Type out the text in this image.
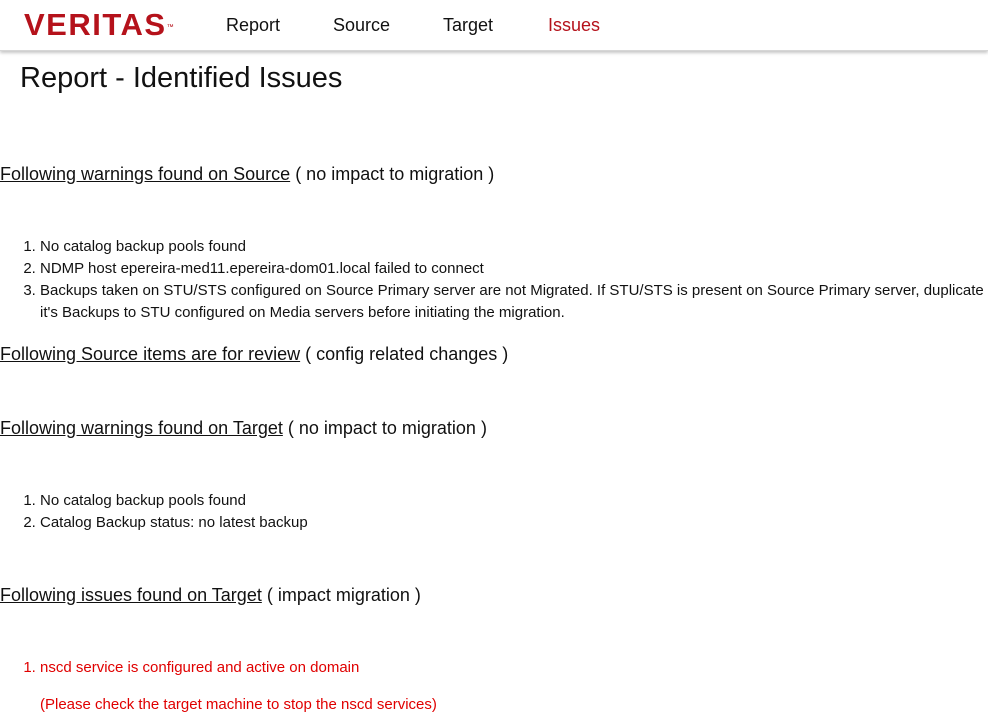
VERITAS™	Report	Source	Target	Issues
Report - Identified Issues
Following warnings found on Source ( no impact to migration )
1. No catalog backup pools found
2. NDMP host epereira-med11.epereira-dom01.local failed to connect
3. Backups taken on STU/STS configured on Source Primary server are not Migrated. If STU/STS is present on Source Primary server, duplicate it's Backups to STU configured on Media servers before initiating the migration.
Following Source items are for review ( config related changes )
Following warnings found on Target ( no impact to migration )
1. No catalog backup pools found
2. Catalog Backup status: no latest backup
Following issues found on Target ( impact migration )
1. nscd service is configured and active on domain
(Please check the target machine to stop the nscd services)
